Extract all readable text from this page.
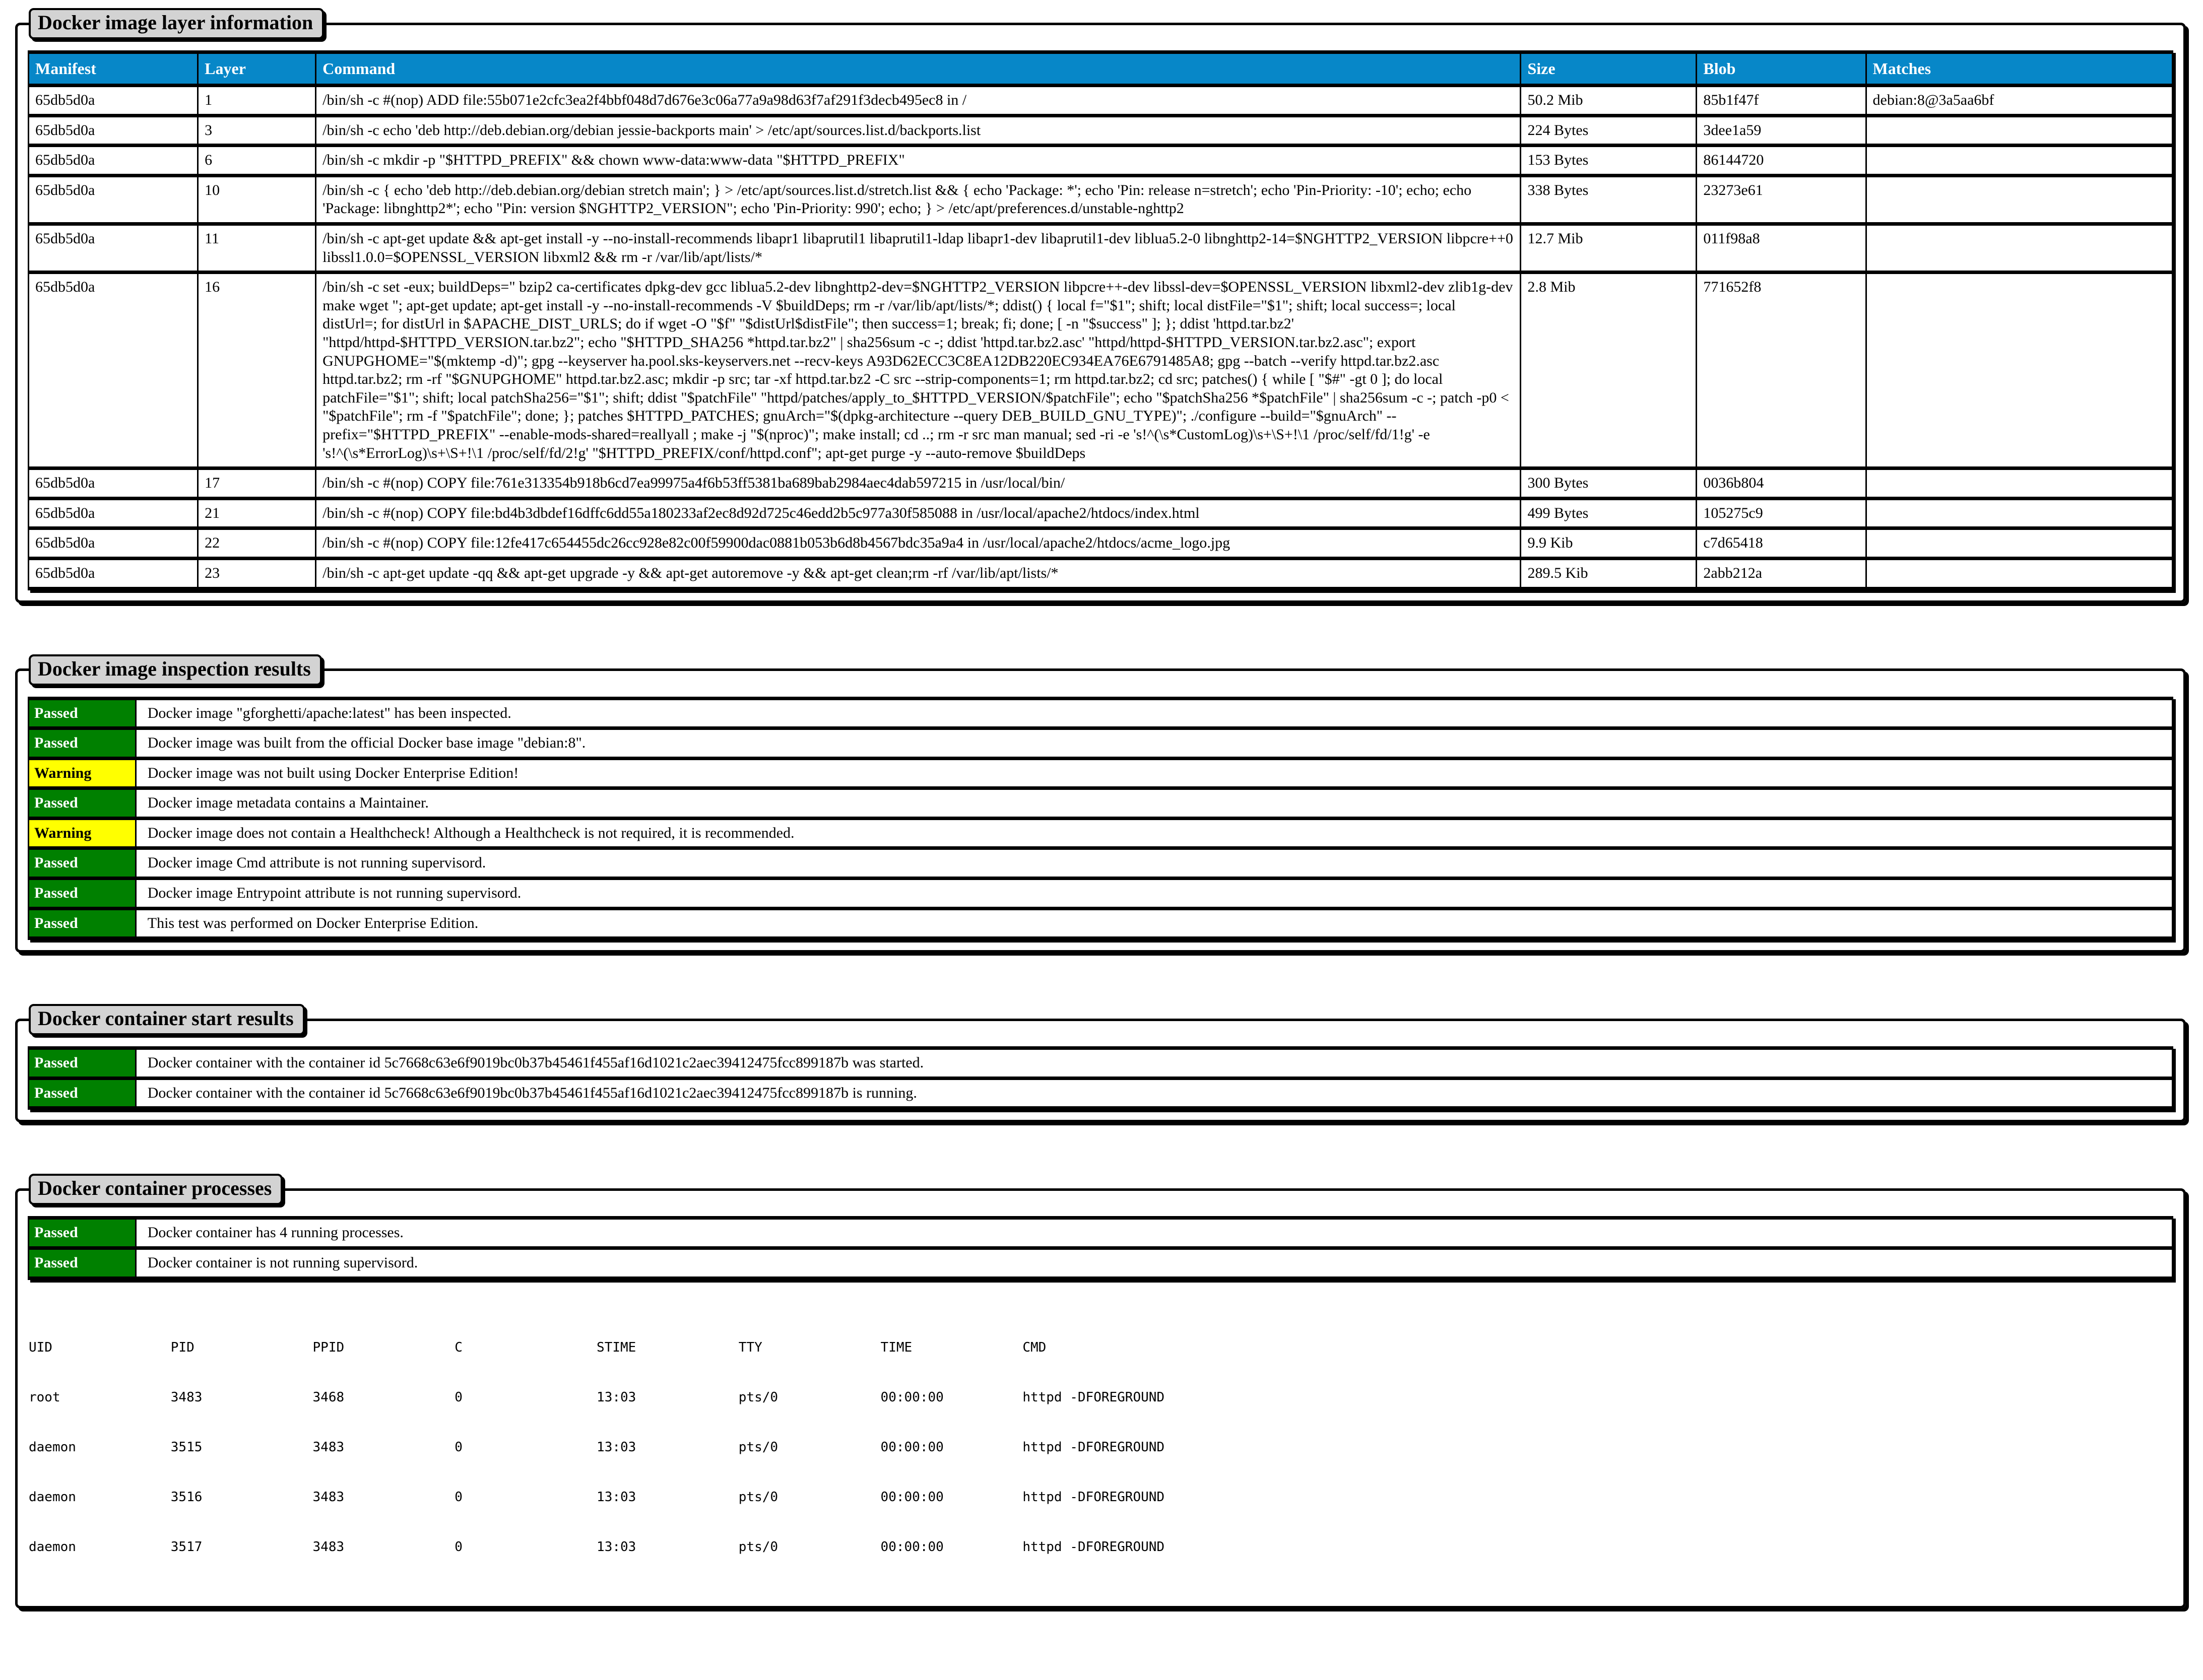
Docker image layer information
Manifest	Layer	Command	Size	Blob	Matches
65db5d0a	1	/bin/sh -c #(nop) ADD file:55b071e2cfc3ea2f4bbf048d7d676e3c06a77a9a98d63f7af291f3decb495ec8 in /	50.2 Mib	85b1f47f	debian:8@3a5aa6bf
65db5d0a	3	/bin/sh -c echo 'deb http://deb.debian.org/debian jessie-backports main' > /etc/apt/sources.list.d/backports.list	224 Bytes	3dee1a59	
65db5d0a	6	/bin/sh -c mkdir -p "$HTTPD_PREFIX" && chown www-data:www-data "$HTTPD_PREFIX"	153 Bytes	86144720	
65db5d0a	10	/bin/sh -c { echo 'deb http://deb.debian.org/debian stretch main'; } > /etc/apt/sources.list.d/stretch.list && { echo 'Package: *'; echo 'Pin: release n=stretch'; echo 'Pin-Priority: -10'; echo; echo 'Package: libnghttp2*'; echo "Pin: version $NGHTTP2_VERSION"; echo 'Pin-Priority: 990'; echo; } > /etc/apt/preferences.d/unstable-nghttp2	338 Bytes	23273e61	
65db5d0a	11	/bin/sh -c apt-get update && apt-get install -y --no-install-recommends libapr1 libaprutil1 libaprutil1-ldap libapr1-dev libaprutil1-dev liblua5.2-0 libnghttp2-14=$NGHTTP2_VERSION libpcre++0 libssl1.0.0=$OPENSSL_VERSION libxml2 && rm -r /var/lib/apt/lists/*	12.7 Mib	011f98a8	
65db5d0a	16	/bin/sh -c set -eux; buildDeps=" bzip2 ca-certificates dpkg-dev gcc liblua5.2-dev libnghttp2-dev=$NGHTTP2_VERSION libpcre++-dev libssl-dev=$OPENSSL_VERSION libxml2-dev zlib1g-dev make wget "; apt-get update; apt-get install -y --no-install-recommends -V $buildDeps; rm -r /var/lib/apt/lists/*; ddist() { local f="$1"; shift; local distFile="$1"; shift; local success=; local distUrl=; for distUrl in $APACHE_DIST_URLS; do if wget -O "$f" "$distUrl$distFile"; then success=1; break; fi; done; [ -n "$success" ]; }; ddist 'httpd.tar.bz2' "httpd/httpd-$HTTPD_VERSION.tar.bz2"; echo "$HTTPD_SHA256 *httpd.tar.bz2" | sha256sum -c -; ddist 'httpd.tar.bz2.asc' "httpd/httpd-$HTTPD_VERSION.tar.bz2.asc"; export GNUPGHOME="$(mktemp -d)"; gpg --keyserver ha.pool.sks-keyservers.net --recv-keys A93D62ECC3C8EA12DB220EC934EA76E6791485A8; gpg --batch --verify httpd.tar.bz2.asc httpd.tar.bz2; rm -rf "$GNUPGHOME" httpd.tar.bz2.asc; mkdir -p src; tar -xf httpd.tar.bz2 -C src --strip-components=1; rm httpd.tar.bz2; cd src; patches() { while [ "$#" -gt 0 ]; do local patchFile="$1"; shift; local patchSha256="$1"; shift; ddist "$patchFile" "httpd/patches/apply_to_$HTTPD_VERSION/$patchFile"; echo "$patchSha256 *$patchFile" | sha256sum -c -; patch -p0 < "$patchFile"; rm -f "$patchFile"; done; }; patches $HTTPD_PATCHES; gnuArch="$(dpkg-architecture --query DEB_BUILD_GNU_TYPE)"; ./configure --build="$gnuArch" --prefix="$HTTPD_PREFIX" --enable-mods-shared=reallyall ; make -j "$(nproc)"; make install; cd ..; rm -r src man manual; sed -ri -e 's!^(\s*CustomLog)\s+\S+!\1 /proc/self/fd/1!g' -e 's!^(\s*ErrorLog)\s+\S+!\1 /proc/self/fd/2!g' "$HTTPD_PREFIX/conf/httpd.conf"; apt-get purge -y --auto-remove $buildDeps	2.8 Mib	771652f8	
65db5d0a	17	/bin/sh -c #(nop) COPY file:761e313354b918b6cd7ea99975a4f6b53ff5381ba689bab2984aec4dab597215 in /usr/local/bin/	300 Bytes	0036b804	
65db5d0a	21	/bin/sh -c #(nop) COPY file:bd4b3dbdef16dffc6dd55a180233af2ec8d92d725c46edd2b5c977a30f585088 in /usr/local/apache2/htdocs/index.html	499 Bytes	105275c9	
65db5d0a	22	/bin/sh -c #(nop) COPY file:12fe417c654455dc26cc928e82c00f59900dac0881b053b6d8b4567bdc35a9a4 in /usr/local/apache2/htdocs/acme_logo.jpg	9.9 Kib	c7d65418	
65db5d0a	23	/bin/sh -c apt-get update -qq && apt-get upgrade -y && apt-get autoremove -y && apt-get clean;rm -rf /var/lib/apt/lists/*	289.5 Kib	2abb212a	
Docker image inspection results
Passed	Docker image "gforghetti/apache:latest" has been inspected.
Passed	Docker image was built from the official Docker base image "debian:8".
Warning	Docker image was not built using Docker Enterprise Edition!
Passed	Docker image metadata contains a Maintainer.
Warning	Docker image does not contain a Healthcheck! Although a Healthcheck is not required, it is recommended.
Passed	Docker image Cmd attribute is not running supervisord.
Passed	Docker image Entrypoint attribute is not running supervisord.
Passed	This test was performed on Docker Enterprise Edition.
Docker container start results
Passed	Docker container with the container id 5c7668c63e6f9019bc0b37b45461f455af16d1021c2aec39412475fcc899187b was started.
Passed	Docker container with the container id 5c7668c63e6f9019bc0b37b45461f455af16d1021c2aec39412475fcc899187b is running.
Docker container processes
Passed	Docker container has 4 running processes.
Passed	Docker container is not running supervisord.

UID               PID               PPID              C                 STIME             TTY               TIME              CMD

root              3483              3468              0                 13:03             pts/0             00:00:00          httpd -DFOREGROUND

daemon            3515              3483              0                 13:03             pts/0             00:00:00          httpd -DFOREGROUND

daemon            3516              3483              0                 13:03             pts/0             00:00:00          httpd -DFOREGROUND

daemon            3517              3483              0                 13:03             pts/0             00:00:00          httpd -DFOREGROUND
